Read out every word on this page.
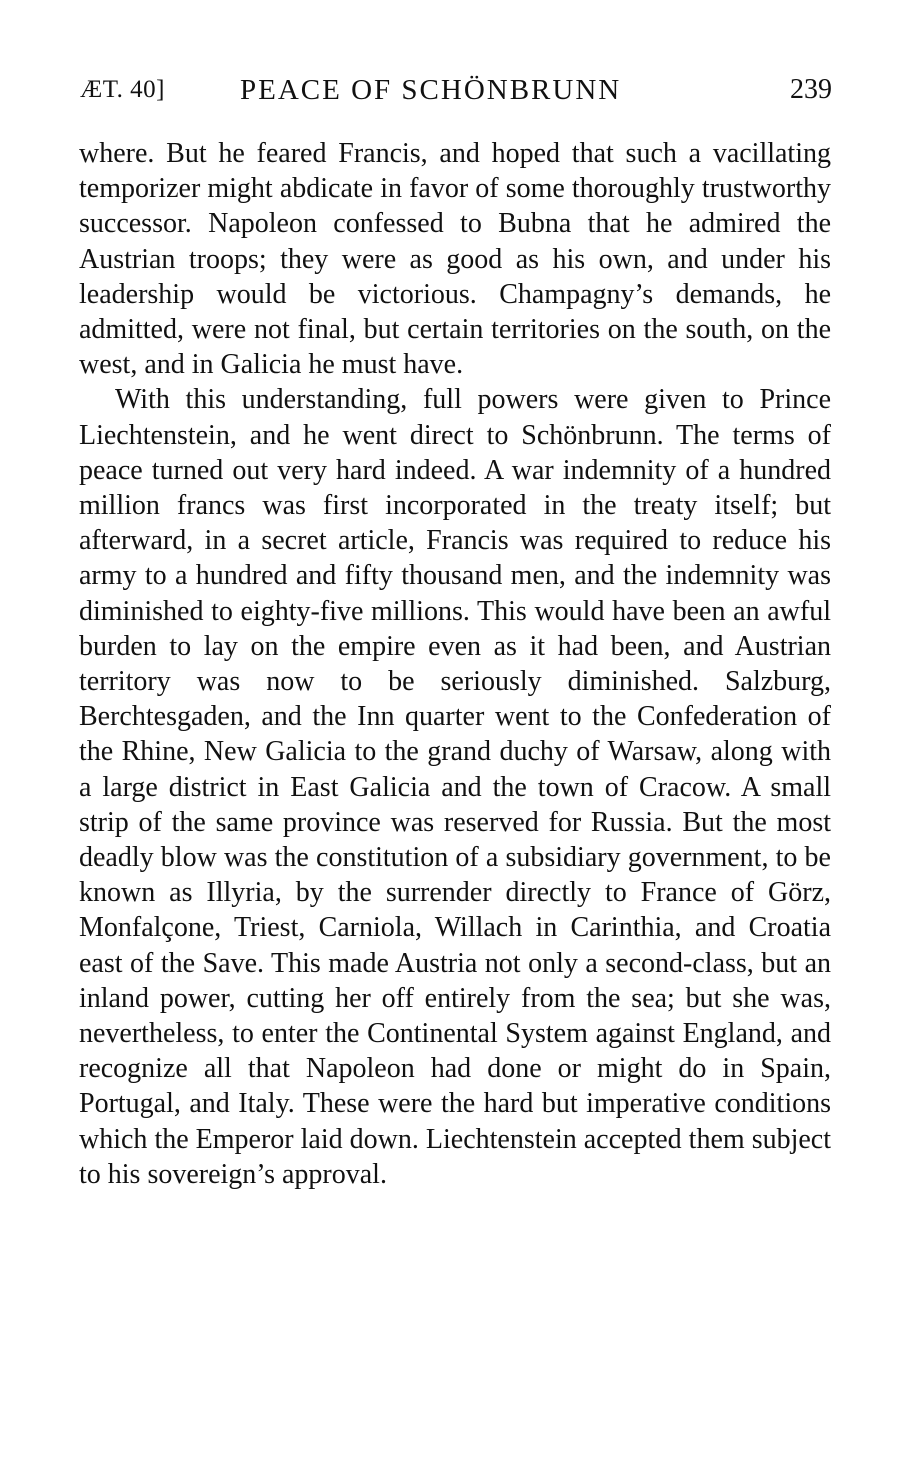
ÆT. 40]	PEACE OF SCHÖNBRUNN	239

where. But he feared Francis, and hoped that such a vacillating temporizer might abdicate in favor of some thoroughly trustworthy successor. Napoleon confessed to Bubna that he admired the Austrian troops; they were as good as his own, and under his leadership would be victorious. Champagny’s demands, he admitted, were not final, but certain territories on the south, on the west, and in Galicia he must have.

With this understanding, full powers were given to Prince Liechtenstein, and he went direct to Schönbrunn. The terms of peace turned out very hard indeed. A war indemnity of a hundred million francs was first incorporated in the treaty itself; but afterward, in a secret article, Francis was required to reduce his army to a hundred and fifty thousand men, and the indemnity was diminished to eighty-five millions. This would have been an awful burden to lay on the empire even as it had been, and Austrian territory was now to be seriously diminished. Salzburg, Berchtesgaden, and the Inn quarter went to the Confederation of the Rhine, New Galicia to the grand duchy of Warsaw, along with a large district in East Galicia and the town of Cracow. A small strip of the same province was reserved for Russia. But the most deadly blow was the constitution of a subsidiary government, to be known as Illyria, by the surrender directly to France of Görz, Monfalçone, Triest, Carniola, Willach in Carinthia, and Croatia east of the Save. This made Austria not only a second-class, but an inland power, cutting her off entirely from the sea; but she was, nevertheless, to enter the Continental System against England, and recognize all that Napoleon had done or might do in Spain, Portugal, and Italy. These were the hard but imperative conditions which the Emperor laid down. Liechtenstein accepted them subject to his sovereign’s approval.
